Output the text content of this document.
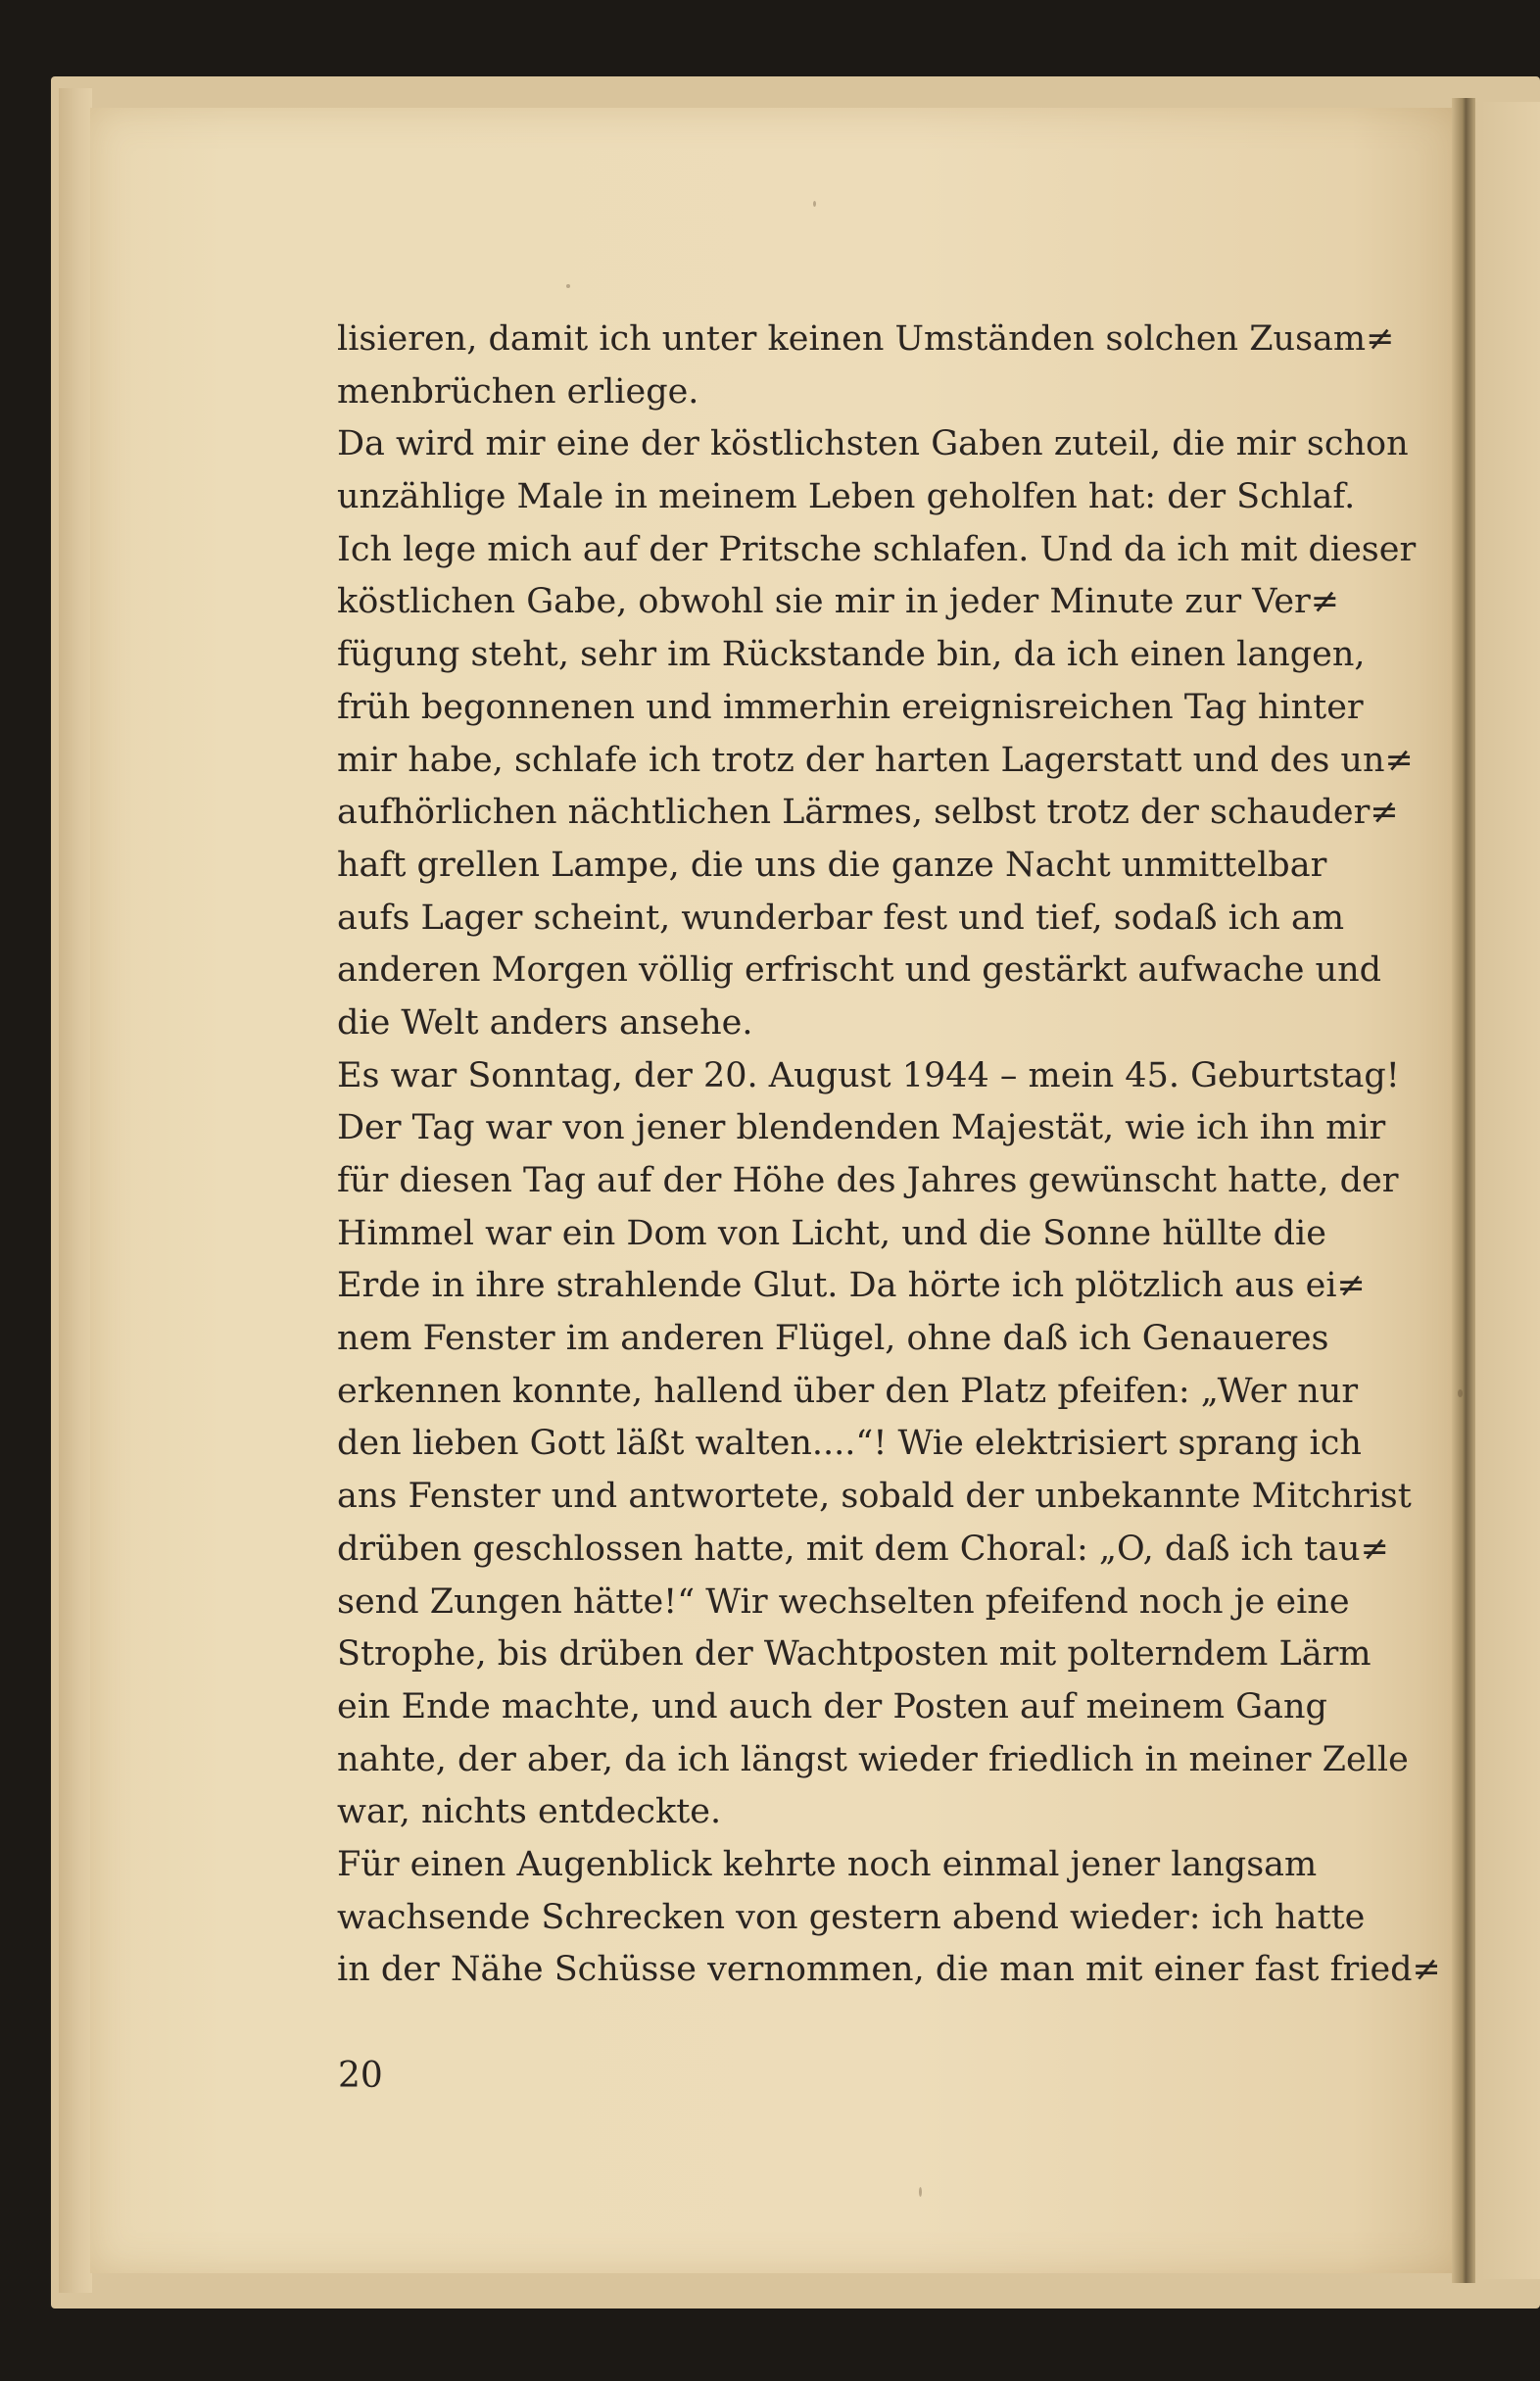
lisieren, damit ich unter keinen Umständen solchen Zusam≠
menbrüchen erliege.
Da wird mir eine der köstlichsten Gaben zuteil, die mir schon
unzählige Male in meinem Leben geholfen hat: der Schlaf.
Ich lege mich auf der Pritsche schlafen. Und da ich mit dieser
köstlichen Gabe, obwohl sie mir in jeder Minute zur Ver≠
fügung steht, sehr im Rückstande bin, da ich einen langen,
früh begonnenen und immerhin ereignisreichen Tag hinter
mir habe, schlafe ich trotz der harten Lagerstatt und des un≠
aufhörlichen nächtlichen Lärmes, selbst trotz der schauder≠
haft grellen Lampe, die uns die ganze Nacht unmittelbar
aufs Lager scheint, wunderbar fest und tief, sodaß ich am
anderen Morgen völlig erfrischt und gestärkt aufwache und
die Welt anders ansehe.
Es war Sonntag, der 20. August 1944 – mein 45. Geburtstag!
Der Tag war von jener blendenden Majestät, wie ich ihn mir
für diesen Tag auf der Höhe des Jahres gewünscht hatte, der
Himmel war ein Dom von Licht, und die Sonne hüllte die
Erde in ihre strahlende Glut. Da hörte ich plötzlich aus ei≠
nem Fenster im anderen Flügel, ohne daß ich Genaueres
erkennen konnte, hallend über den Platz pfeifen: „Wer nur
den lieben Gott läßt walten....“! Wie elektrisiert sprang ich
ans Fenster und antwortete, sobald der unbekannte Mitchrist
drüben geschlossen hatte, mit dem Choral: „O, daß ich tau≠
send Zungen hätte!“ Wir wechselten pfeifend noch je eine
Strophe, bis drüben der Wachtposten mit polterndem Lärm
ein Ende machte, und auch der Posten auf meinem Gang
nahte, der aber, da ich längst wieder friedlich in meiner Zelle
war, nichts entdeckte.
Für einen Augenblick kehrte noch einmal jener langsam
wachsende Schrecken von gestern abend wieder: ich hatte
in der Nähe Schüsse vernommen, die man mit einer fast fried≠
20
